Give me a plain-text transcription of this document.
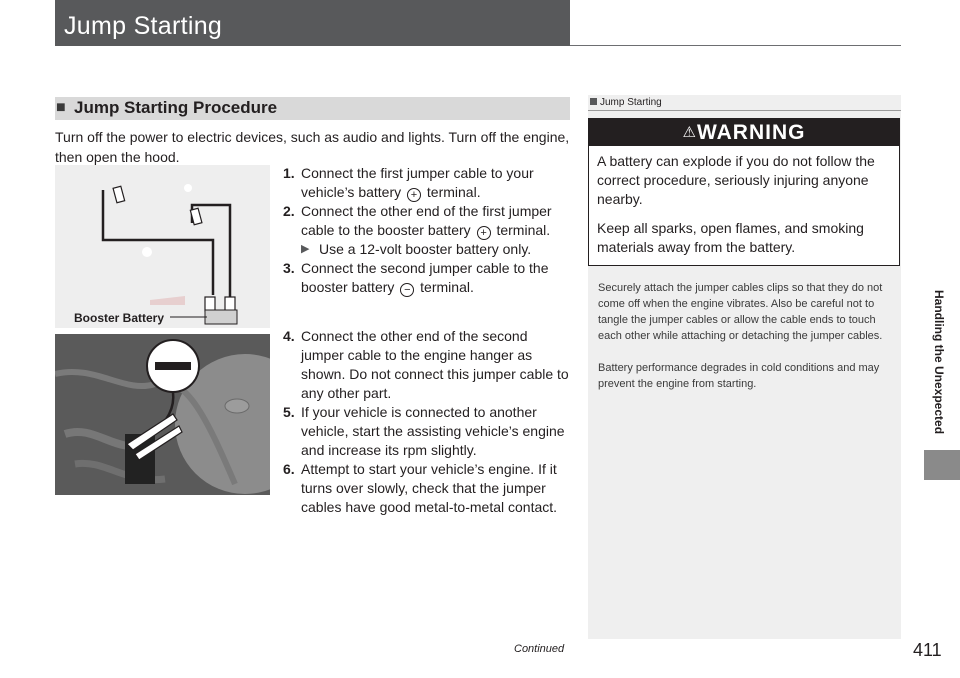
Jump Starting
■ Jump Starting Procedure
Turn off the power to electric devices, such as audio and lights. Turn off the engine, then open the hood.
Booster Battery
1. Connect the first jumper cable to your vehicle’s battery + terminal.
2. Connect the other end of the first jumper cable to the booster battery + terminal.
▶ Use a 12-volt booster battery only.
3. Connect the second jumper cable to the booster battery − terminal.
4. Connect the other end of the second jumper cable to the engine hanger as shown. Do not connect this jumper cable to any other part.
5. If your vehicle is connected to another vehicle, start the assisting vehicle’s engine and increase its rpm slightly.
6. Attempt to start your vehicle’s engine. If it turns over slowly, check that the jumper cables have good metal-to-metal contact.
Jump Starting
⚠WARNING

A battery can explode if you do not follow the correct procedure, seriously injuring anyone nearby.

Keep all sparks, open flames, and smoking materials away from the battery.

Securely attach the jumper cables clips so that they do not come off when the engine vibrates. Also be careful not to tangle the jumper cables or allow the cable ends to touch each other while attaching or detaching the jumper cables.

Battery performance degrades in cold conditions and may prevent the engine from starting.	Handling the Unexpected
Continued	411
